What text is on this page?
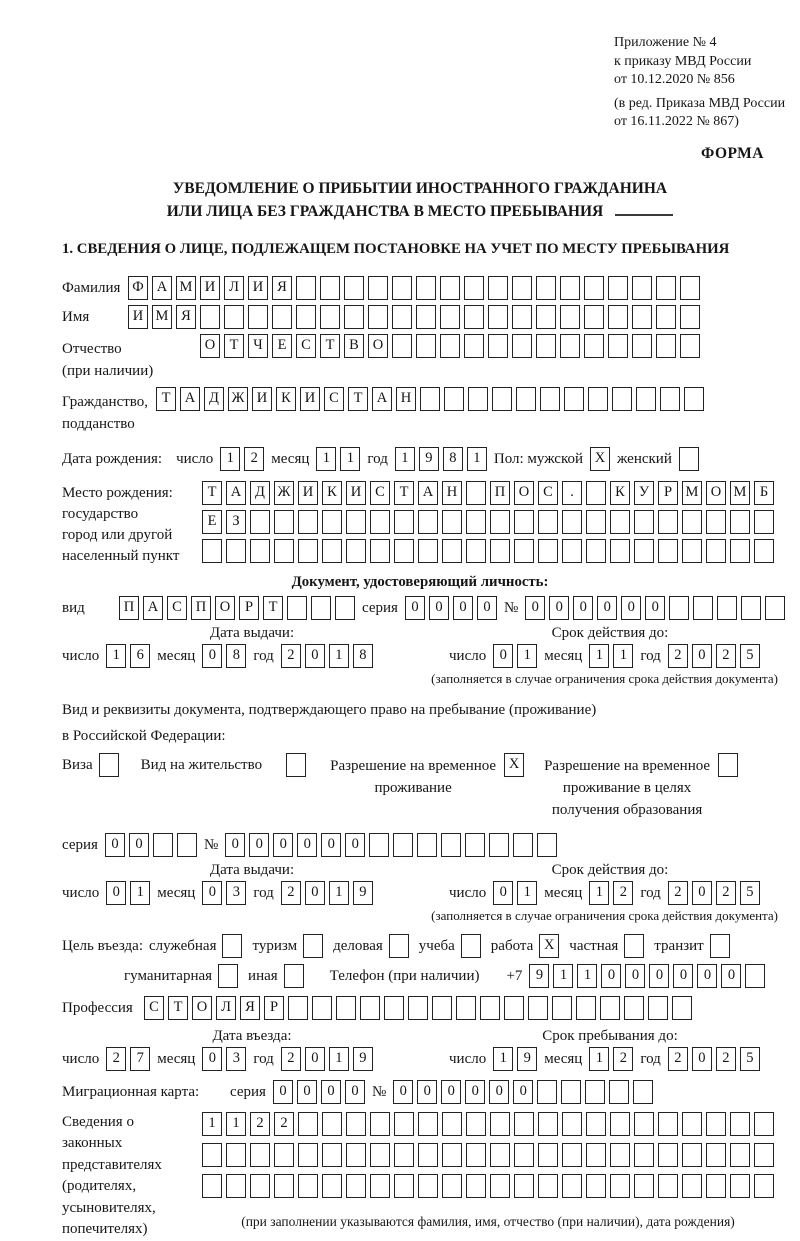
Приложение № 4
к приказу МВД России
от 10.12.2020 № 856
(в ред. Приказа МВД России
от 16.11.2022 № 867)
ФОРМА
УВЕДОМЛЕНИЕ О ПРИБЫТИИ ИНОСТРАННОГО ГРАЖДАНИНА
ИЛИ ЛИЦА БЕЗ ГРАЖДАНСТВА В МЕСТО ПРЕБЫВАНИЯ
1. СВЕДЕНИЯ О ЛИЦЕ, ПОДЛЕЖАЩЕМ ПОСТАНОВКЕ НА УЧЕТ ПО МЕСТУ ПРЕБЫВАНИЯ
Фамилия Ф А М И Л И Я
Имя	И М Я
Отчество
(при наличии)
О Т	Ч	Е	С	Т	В О
Гражданство,
подданство
Т А Д Ж И К И С	Т А Н
Дата рождения: число 1	2 месяц 1	1 год 1	9	8	1 Пол: мужской X женский
Место рождения:
государство
город или другой
населенный пункт
Т А Д Ж И К И С	Т А Н	П О С	.	К У	Р М О М Б
Е	З
Документ, удостоверяющий личность:
вид	П А С П О	Р	Т	серия 0	0	0	0 № 0	0	0	0	0	0
Дата выдачи:	Срок действия до:
число 1	6 месяц 0	8 год 2	0	1	8	число 0	1 месяц 1	1 год 2	0	2	5
(заполняется в случае ограничения срока действия документа)
Вид и реквизиты документа, подтверждающего право на пребывание (проживание)
в Российской Федерации:
Виза	Вид на жительство	Разрешение на временное
проживание
X	Разрешение на временное
проживание в целях
получения образования
серия 0	0	№ 0	0	0	0	0	0
Дата выдачи:	Срок действия до:
число 0	1 месяц 0	3 год 2	0	1	9	число 0	1 месяц 1	2 год 2	0	2	5
(заполняется в случае ограничения срока действия документа)
Цель въезда: служебная туризм деловая учеба работа X частная транзит
гуманитарная иная	Телефон (при наличии) +7 9	1	1	0	0	0	0	0	0
Профессия	С	Т О Л Я	Р
Дата въезда:	Срок пребывания до:
число 2	7 месяц 0	3 год 2	0	1	9	число 1	9 месяц 1	2 год 2	0	2	5
Миграционная карта:	серия 0	0	0	0 № 0	0	0	0	0	0
Сведения о
законных
представителях
(родителях,
усыновителях,
попечителях)
1	1	2	2
(при заполнении указываются фамилия, имя, отчество (при наличии), дата рождения)
